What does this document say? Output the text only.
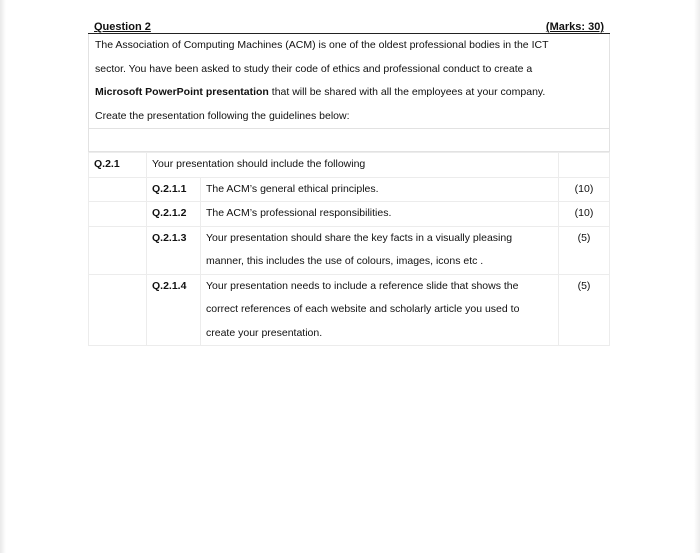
Question 2	(Marks: 30)

The Association of Computing Machines (ACM) is one of the oldest professional bodies in the ICT

sector. You have been asked to study their code of ethics and professional conduct to create a

Microsoft PowerPoint presentation that will be shared with all the employees at your company.

Create the presentation following the guidelines below:

Q.2.1	Your presentation should include the following		
	Q.2.1.1	The ACM’s general ethical principles.	(10)
	Q.2.1.2	The ACM’s professional responsibilities.	(10)
	Q.2.1.3	Your presentation should share the key facts in a visually pleasing
manner, this includes the use of colours, images, icons etc .	(5)
	Q.2.1.4	Your presentation needs to include a reference slide that shows the
correct references of each website and scholarly article you used to
create your presentation.	(5)
